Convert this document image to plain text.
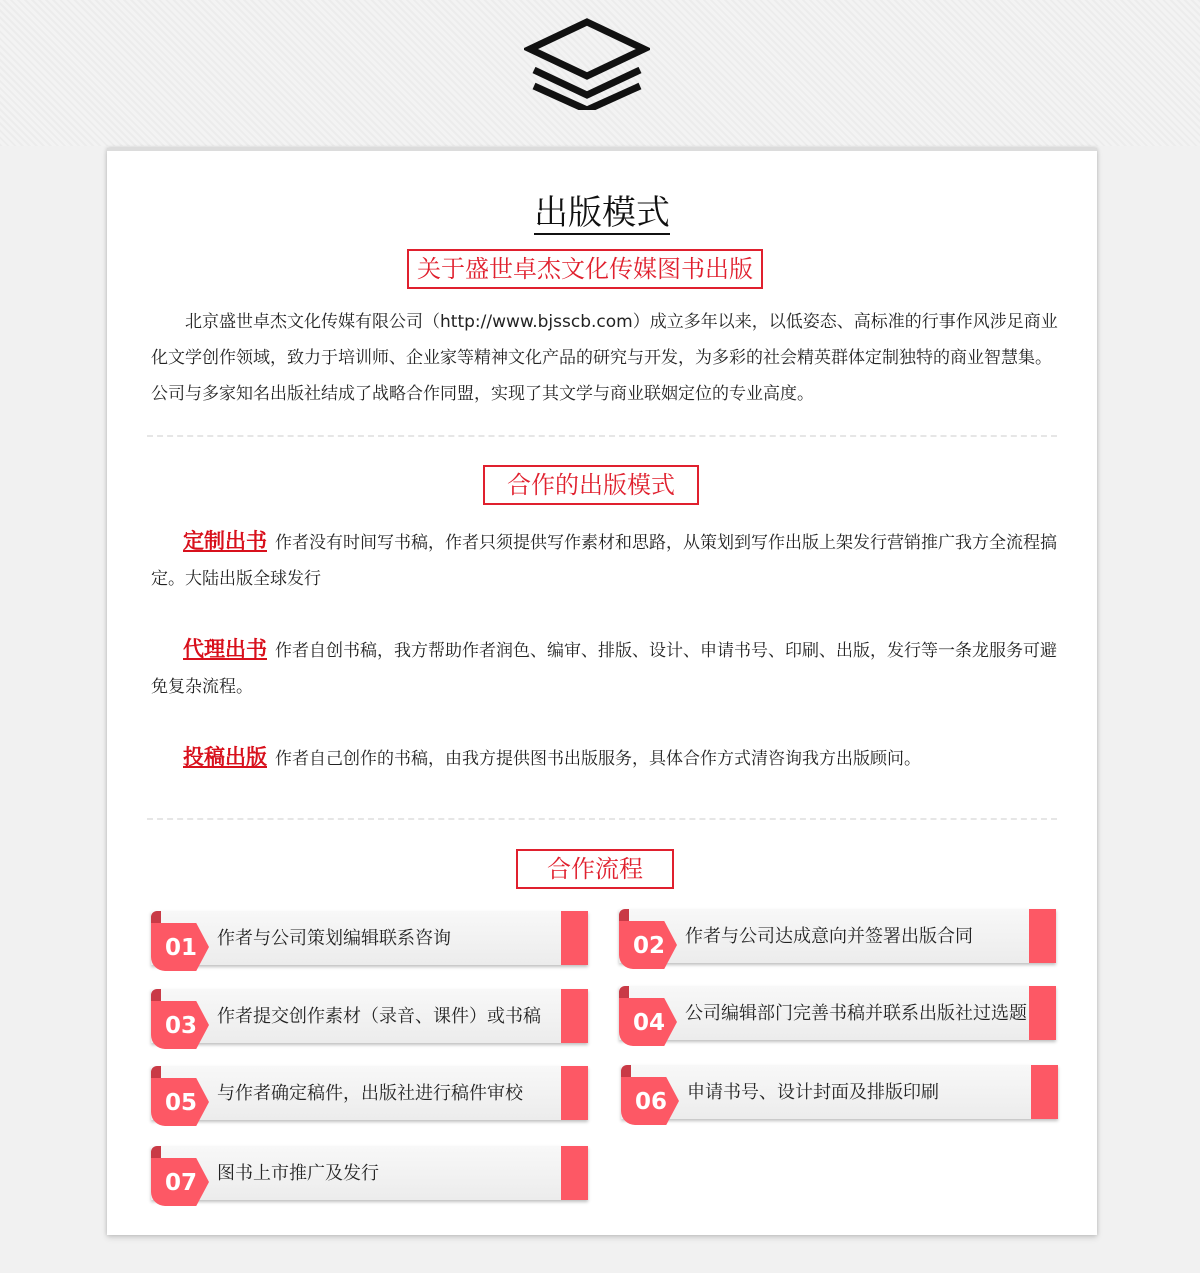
出版模式
关于盛世卓杰文化传媒图书出版
北京盛世卓杰文化传媒有限公司（http://www.bjsscb.com）成立多年以来，以低姿态、高标准的行事作风涉足商业化文学创作领域，致力于培训师、企业家等精神文化产品的研究与开发，为多彩的社会精英群体定制独特的商业智慧集。公司与多家知名出版社结成了战略合作同盟，实现了其文学与商业联姻定位的专业高度。
合作的出版模式
定制出书 作者没有时间写书稿，作者只须提供写作素材和思路，从策划到写作出版上架发行营销推广我方全流程搞定。大陆出版全球发行
代理出书 作者自创书稿，我方帮助作者润色、编审、排版、设计、申请书号、印刷、出版，发行等一条龙服务可避免复杂流程。
投稿出版 作者自己创作的书稿，由我方提供图书出版服务，具体合作方式清咨询我方出版顾问。
合作流程
01 作者与公司策划编辑联系咨询	02 作者与公司达成意向并签署出版合同
03 作者提交创作素材（录音、课件）或书稿	04 公司编辑部门完善书稿并联系出版社过选题
05 与作者确定稿件，出版社进行稿件审校	06 申请书号、设计封面及排版印刷
07 图书上市推广及发行
